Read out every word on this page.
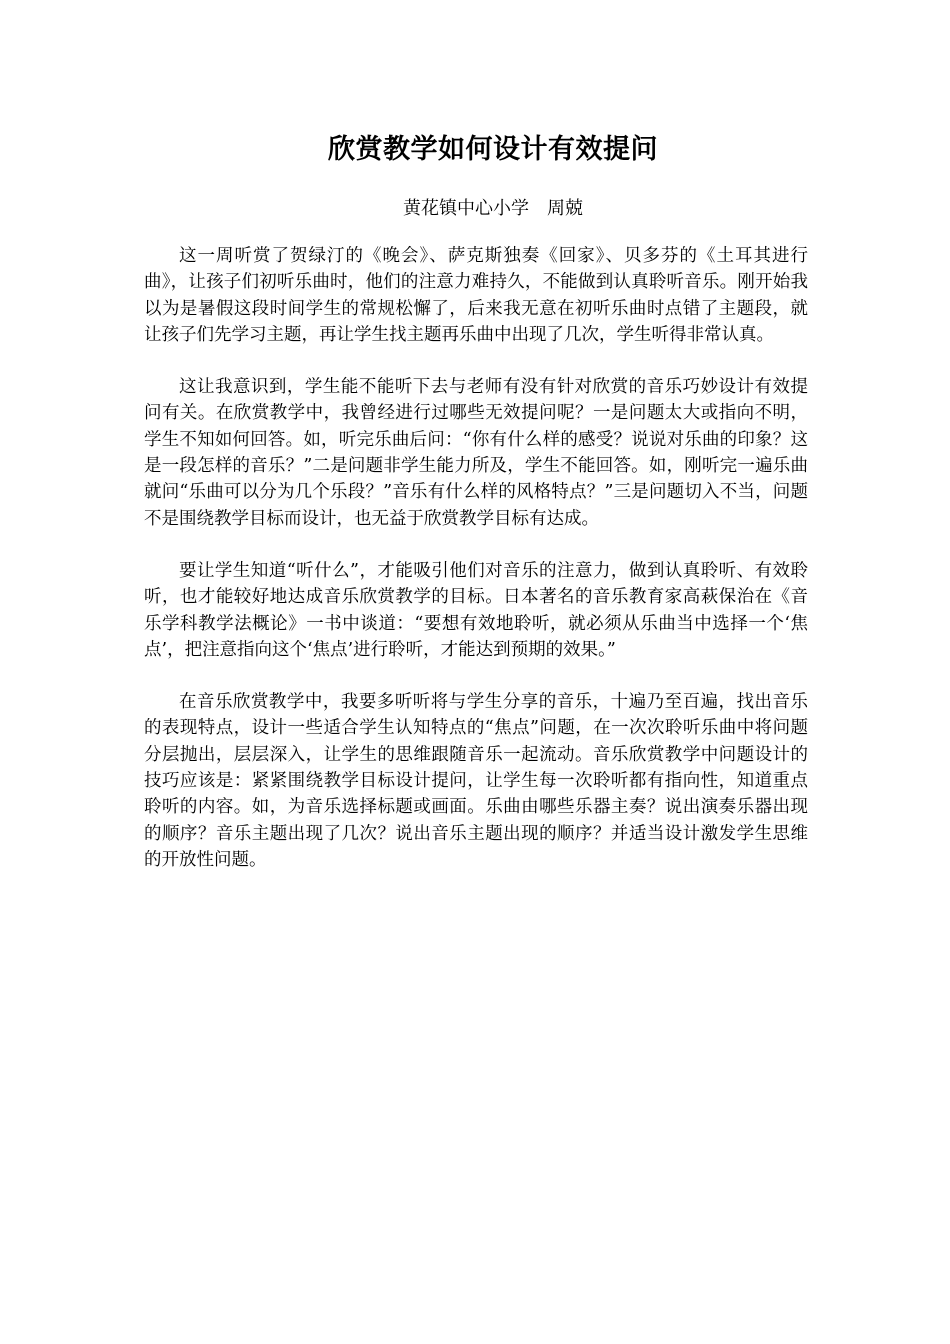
欣赏教学如何设计有效提问
黄花镇中心小学　周兢

这一周听赏了贺绿汀的《晚会》、萨克斯独奏《回家》、贝多芬的《土耳其进行曲》，让孩子们初听乐曲时，他们的注意力难持久，不能做到认真聆听音乐。刚开始我以为是暑假这段时间学生的常规松懈了，后来我无意在初听乐曲时点错了主题段，就让孩子们先学习主题，再让学生找主题再乐曲中出现了几次，学生听得非常认真。

这让我意识到，学生能不能听下去与老师有没有针对欣赏的音乐巧妙设计有效提问有关。在欣赏教学中，我曾经进行过哪些无效提问呢？一是问题太大或指向不明，学生不知如何回答。如，听完乐曲后问：“你有什么样的感受？说说对乐曲的印象？这是一段怎样的音乐？”二是问题非学生能力所及，学生不能回答。如，刚听完一遍乐曲就问“乐曲可以分为几个乐段？”音乐有什么样的风格特点？”三是问题切入不当，问题不是围绕教学目标而设计，也无益于欣赏教学目标有达成。

要让学生知道“听什么”，才能吸引他们对音乐的注意力，做到认真聆听、有效聆听，也才能较好地达成音乐欣赏教学的目标。日本著名的音乐教育家高萩保治在《音乐学科教学法概论》一书中谈道：“要想有效地聆听，就必须从乐曲当中选择一个‘焦点’，把注意指向这个‘焦点’进行聆听，才能达到预期的效果。”

在音乐欣赏教学中，我要多听听将与学生分享的音乐，十遍乃至百遍，找出音乐的表现特点，设计一些适合学生认知特点的“焦点”问题，在一次次聆听乐曲中将问题分层抛出，层层深入，让学生的思维跟随音乐一起流动。音乐欣赏教学中问题设计的技巧应该是：紧紧围绕教学目标设计提问，让学生每一次聆听都有指向性，知道重点聆听的内容。如，为音乐选择标题或画面。乐曲由哪些乐器主奏？说出演奏乐器出现的顺序？音乐主题出现了几次？说出音乐主题出现的顺序？并适当设计激发学生思维的开放性问题。
